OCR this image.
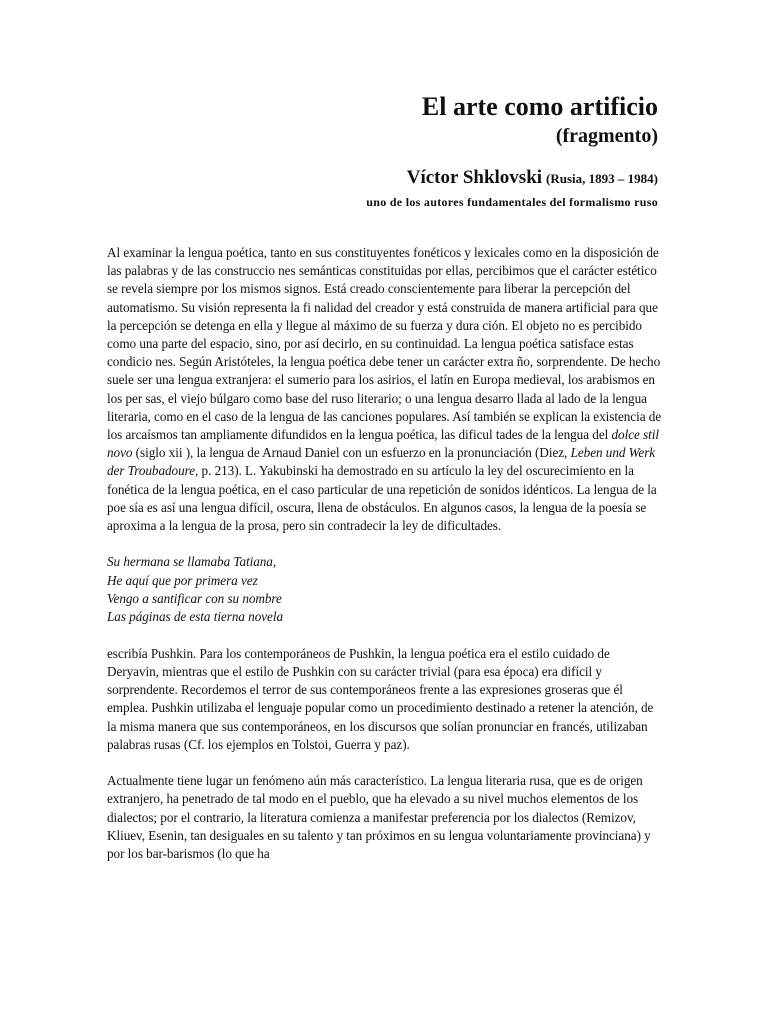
El arte como artificio
(fragmento)
Víctor Shklovski (Rusia, 1893 – 1984)
uno de los autores fundamentales del formalismo ruso

Al examinar la lengua poética, tanto en sus constituyentes fonéticos y lexicales como en la disposición de las palabras y de las construccio nes semánticas constituidas por ellas, percibimos que el carácter estético se revela siempre por los mismos signos. Está creado conscientemente para liberar la percepción del automatismo. Su visión representa la fi nalidad del creador y está construida de manera artificial para que la percepción se detenga en ella y llegue al máximo de su fuerza y dura ción. El objeto no es percibido como una parte del espacio, sino, por así decirlo, en su continuidad. La lengua poética satisface estas condicio nes. Según Aristóteles, la lengua poética debe tener un carácter extra ño, sorprendente. De hecho suele ser una lengua extranjera: el sumerio para los asirios, el latín en Europa medieval, los arabismos en los per sas, el viejo búlgaro como base del ruso literario; o una lengua desarro llada al lado de la lengua literaria, como en el caso de la lengua de las canciones populares. Así también se explican la existencia de los arcaísmos tan ampliamente difundidos en la lengua poética, las dificul tades de la lengua del dolce stil novo (siglo xii ), la lengua de Arnaud Daniel con un esfuerzo en la pronunciación (Diez, Leben und Werk der Troubadoure, p. 213). L. Yakubinski ha demostrado en su artículo la ley del oscurecimiento en la fonética de la lengua poética, en el caso particular de una repetición de sonidos idénticos. La lengua de la poe sía es así una lengua difícil, oscura, llena de obstáculos. En algunos casos, la lengua de la poesía se aproxima a la lengua de la prosa, pero sin contradecir la ley de dificultades.

Su hermana se llamaba Tatiana,
He aquí que por primera vez
Vengo a santificar con su nombre
Las páginas de esta tierna novela

escribía Pushkin. Para los contemporáneos de Pushkin, la lengua poética era el estilo cuidado de Deryavin, mientras que el estilo de Pushkin con su carácter trivial (para esa época) era difícil y sorprendente. Recordemos el terror de sus contemporáneos frente a las expresiones groseras que él emplea. Pushkin utilizaba el lenguaje popular como un procedimiento destinado a retener la atención, de la misma manera que sus contemporáneos, en los discursos que solían pronunciar en francés, utilizaban palabras rusas (Cf. los ejemplos en Tolstoi, Guerra y paz).

Actualmente tiene lugar un fenómeno aún más característico. La lengua literaria rusa, que es de origen extranjero, ha penetrado de tal modo en el pueblo, que ha elevado a su nivel muchos elementos de los dialectos; por el contrario, la literatura comienza a manifestar preferencia por los dialectos (Remizov, Kliuev, Esenin, tan desiguales en su talento y tan próximos en su lengua voluntariamente provinciana) y por los bar-barismos (lo que ha
